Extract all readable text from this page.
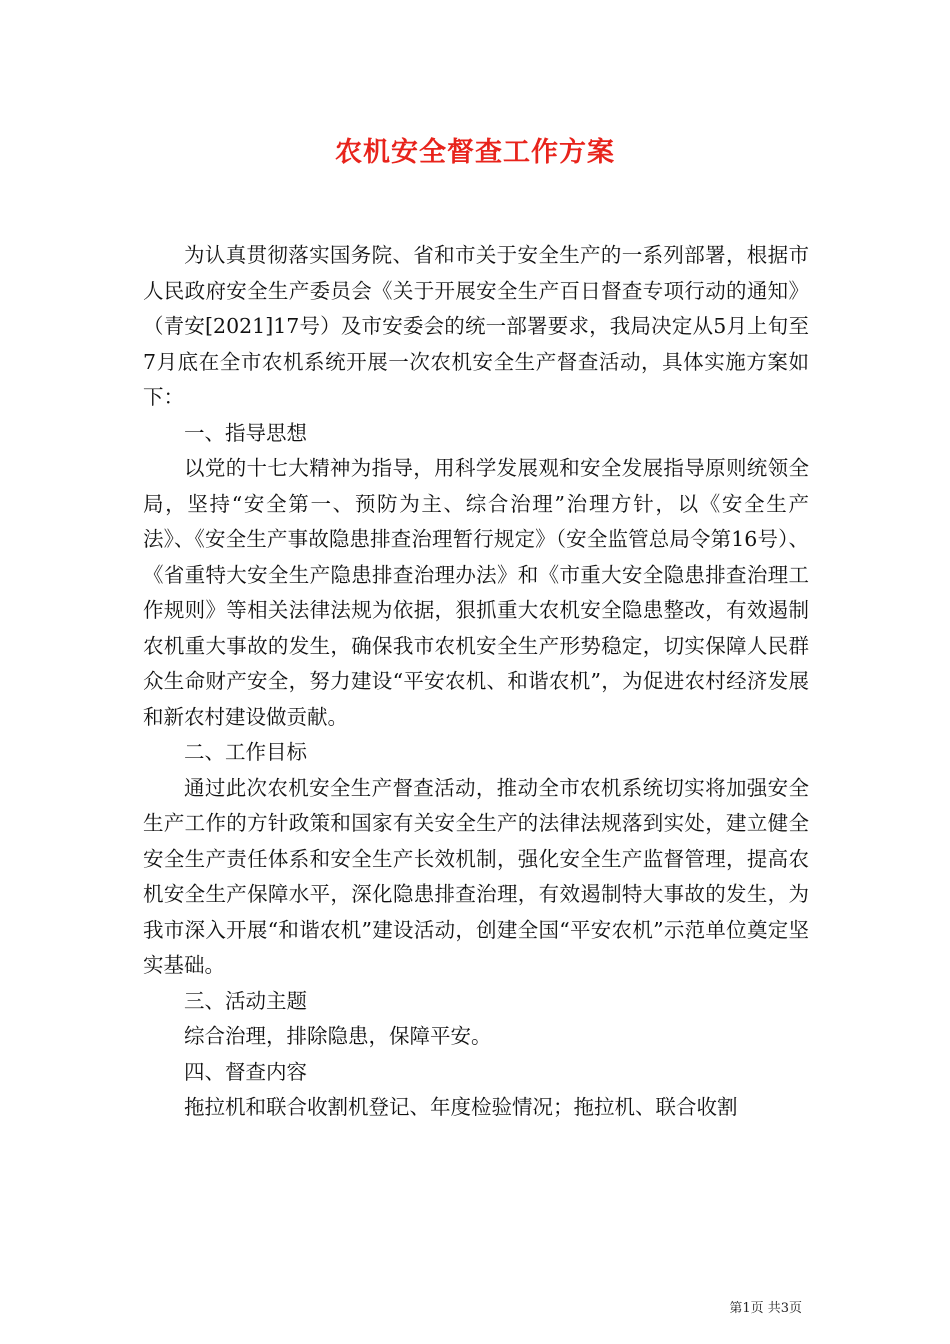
农机安全督查工作方案

为认真贯彻落实国务院、省和市关于安全生产的一系列部署，根据市人民政府安全生产委员会《关于开展安全生产百日督查专项行动的通知》（青安[2021]17号）及市安委会的统一部署要求，我局决定从5月上旬至7月底在全市农机系统开展一次农机安全生产督查活动，具体实施方案如下：

一、指导思想

以党的十七大精神为指导，用科学发展观和安全发展指导原则统领全局，坚持“安全第一、预防为主、综合治理”治理方针，以《安全生产法》、《安全生产事故隐患排查治理暂行规定》（安全监管总局令第16号）、《省重特大安全生产隐患排查治理办法》和《市重大安全隐患排查治理工作规则》等相关法律法规为依据，狠抓重大农机安全隐患整改，有效遏制农机重大事故的发生，确保我市农机安全生产形势稳定，切实保障人民群众生命财产安全，努力建设“平安农机、和谐农机”，为促进农村经济发展和新农村建设做贡献。

二、工作目标

通过此次农机安全生产督查活动，推动全市农机系统切实将加强安全生产工作的方针政策和国家有关安全生产的法律法规落到实处，建立健全安全生产责任体系和安全生产长效机制，强化安全生产监督管理，提高农机安全生产保障水平，深化隐患排查治理，有效遏制特大事故的发生，为我市深入开展“和谐农机”建设活动，创建全国“平安农机”示范单位奠定坚实基础。

三、活动主题

综合治理，排除隐患，保障平安。

四、督查内容

拖拉机和联合收割机登记、年度检验情况；拖拉机、联合收割

第1页 共3页
